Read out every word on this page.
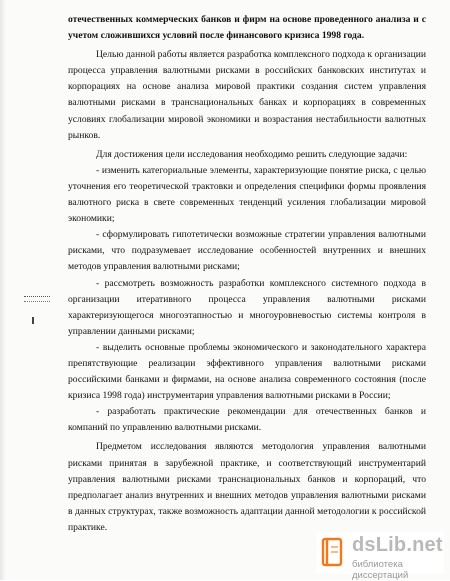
отечественных коммерческих банков и фирм на основе проведенного анализа и с учетом сложившихся условий после финансового кризиса 1998 года.

Целью данной работы является разработка комплексного подхода к организации процесса управления валютными рисками в российских банковских институтах и корпорациях на основе анализа мировой практики создания систем управления валютными рисками в транснациональных банках и корпорациях в современных условиях глобализации мировой экономики и возрастания нестабильности валютных рынков.

Для достижения цели исследования необходимо решить следующие задачи:

- изменить категориальные элементы, характеризующие понятие риска, с целью уточнения его теоретической трактовки и определения специфики формы проявления валютного риска в свете современных тенденций усиления глобализации мировой экономики;

- сформулировать гипотетически возможные стратегии управления валютными рисками, что подразумевает исследование особенностей внутренних и внешних методов управления валютными рисками;

- рассмотреть возможность разработки комплексного системного подхода в организации итеративного процесса управления валютными рисками характеризующегося многоэтапностью и многоуровневостью системы контроля в управлении данными рисками;

- выделить основные проблемы экономического и законодательного характера препятствующие реализации эффективного управления валютными рисками российскими банками и фирмами, на основе анализа современного состояния (после кризиса 1998 года) инструментария управления валютными рисками в России;

- разработать практические рекомендации для отечественных банков и компаний по управлению валютными рисками.

Предметом исследования являются методология управления валютными рисками принятая в зарубежной практике, и соответствующий инструментарий управления валютными рисками транснациональных банков и корпораций, что предполагает анализ внутренних и внешних методов управления валютными рисками в данных структурах, также возможность адаптации данной методологии к российской практике.

dsLib.net
библиотека диссертаций
